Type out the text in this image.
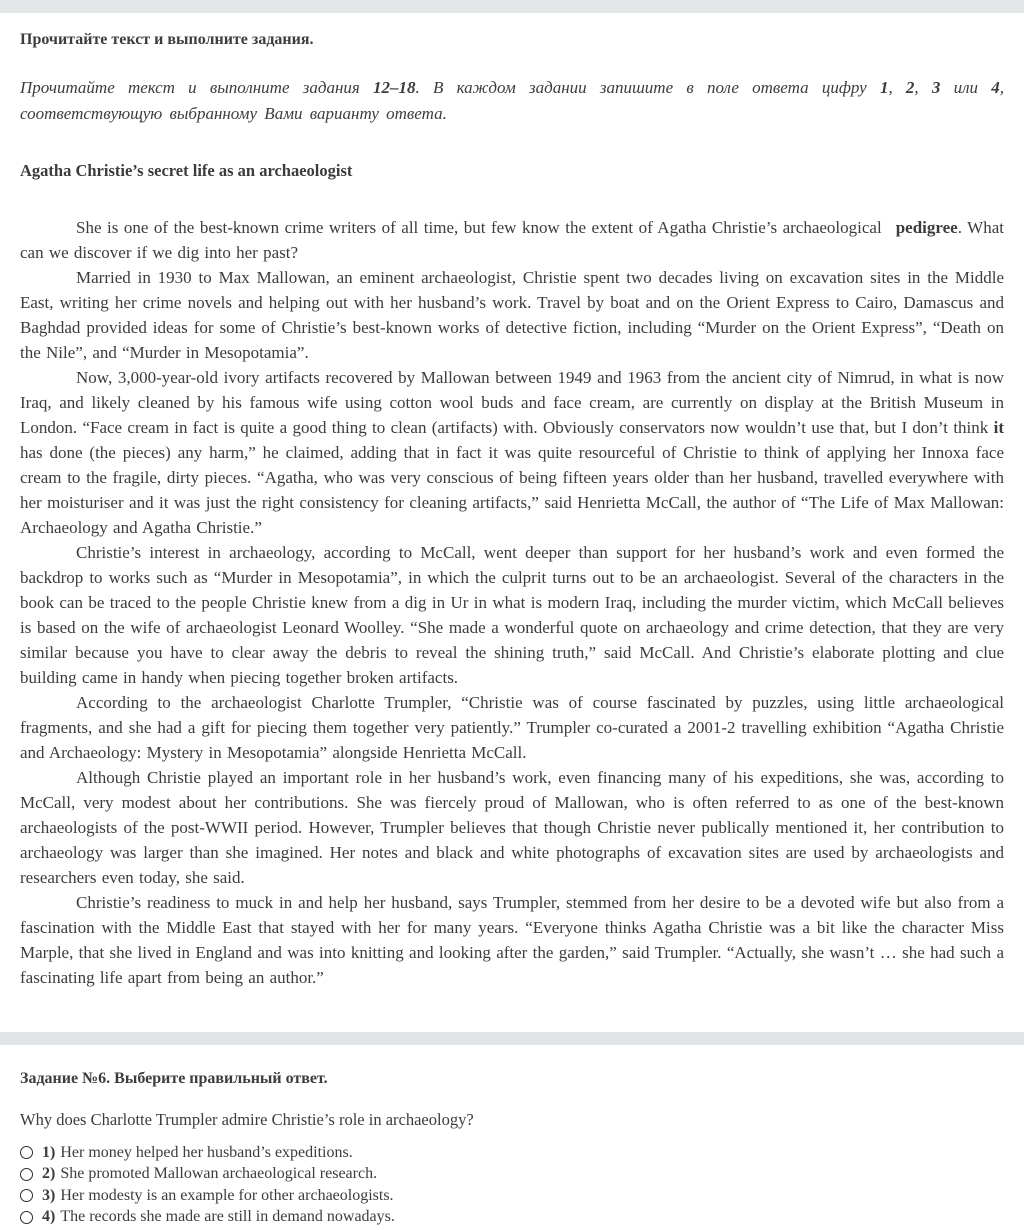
Прочитайте текст и выполните задания.

Прочитайте текст и выполните задания 12–18. В каждом задании запишите в поле ответа цифру 1, 2, 3 или 4, соответствующую выбранному Вами варианту ответа.

Agatha Christie’s secret life as an archaeologist

She is one of the best-known crime writers of all time, but few know the extent of Agatha Christie’s archaeological  pedigree. What can we discover if we dig into her past?

Married in 1930 to Max Mallowan, an eminent archaeologist, Christie spent two decades living on excavation sites in the Middle East, writing her crime novels and helping out with her husband’s work. Travel by boat and on the Orient Express to Cairo, Damascus and Baghdad provided ideas for some of Christie’s best-known works of detective fiction, including “Murder on the Orient Express”, “Death on the Nile”, and “Murder in Mesopotamia”.

Now, 3,000-year-old ivory artifacts recovered by Mallowan between 1949 and 1963 from the ancient city of Nimrud, in what is now Iraq, and likely cleaned by his famous wife using cotton wool buds and face cream, are currently on display at the British Museum in London. “Face cream in fact is quite a good thing to clean (artifacts) with. Obviously conservators now wouldn’t use that, but I don’t think it has done (the pieces) any harm,” he claimed, adding that in fact it was quite resourceful of Christie to think of applying her Innoxa face cream to the fragile, dirty pieces. “Agatha, who was very conscious of being fifteen years older than her husband, travelled everywhere with her moisturiser and it was just the right consistency for cleaning artifacts,” said Henrietta McCall, the author of “The Life of Max Mallowan: Archaeology and Agatha Christie.”

Christie’s interest in archaeology, according to McCall, went deeper than support for her husband’s work and even formed the backdrop to works such as “Murder in Mesopotamia”, in which the culprit turns out to be an archaeologist. Several of the characters in the book can be traced to the people Christie knew from a dig in Ur in what is modern Iraq, including the murder victim, which McCall believes is based on the wife of archaeologist Leonard Woolley. “She made a wonderful quote on archaeology and crime detection, that they are very similar because you have to clear away the debris to reveal the shining truth,” said McCall. And Christie’s elaborate plotting and clue building came in handy when piecing together broken artifacts.

According to the archaeologist Charlotte Trumpler, “Christie was of course fascinated by puzzles, using little archaeological fragments, and she had a gift for piecing them together very patiently.” Trumpler co-curated a 2001-2 travelling exhibition “Agatha Christie and Archaeology: Mystery in Mesopotamia” alongside Henrietta McCall.

Although Christie played an important role in her husband’s work, even financing many of his expeditions, she was, according to McCall, very modest about her contributions. She was fiercely proud of Mallowan, who is often referred to as one of the best-known archaeologists of the post-WWII period. However, Trumpler believes that though Christie never publically mentioned it, her contribution to archaeology was larger than she imagined. Her notes and black and white photographs of excavation sites are used by archaeologists and researchers even today, she said.

Christie’s readiness to muck in and help her husband, says Trumpler, stemmed from her desire to be a devoted wife but also from a fascination with the Middle East that stayed with her for many years. “Everyone thinks Agatha Christie was a bit like the character Miss Marple, that she lived in England and was into knitting and looking after the garden,” said Trumpler. “Actually, she wasn’t … she had such a fascinating life apart from being an author.”

Задание №6. Выберите правильный ответ.
Why does Charlotte Trumpler admire Christie’s role in archaeology?
1) Her money helped her husband’s expeditions.
2) She promoted Mallowan archaeological research.
3) Her modesty is an example for other archaeologists.
4) The records she made are still in demand nowadays.
